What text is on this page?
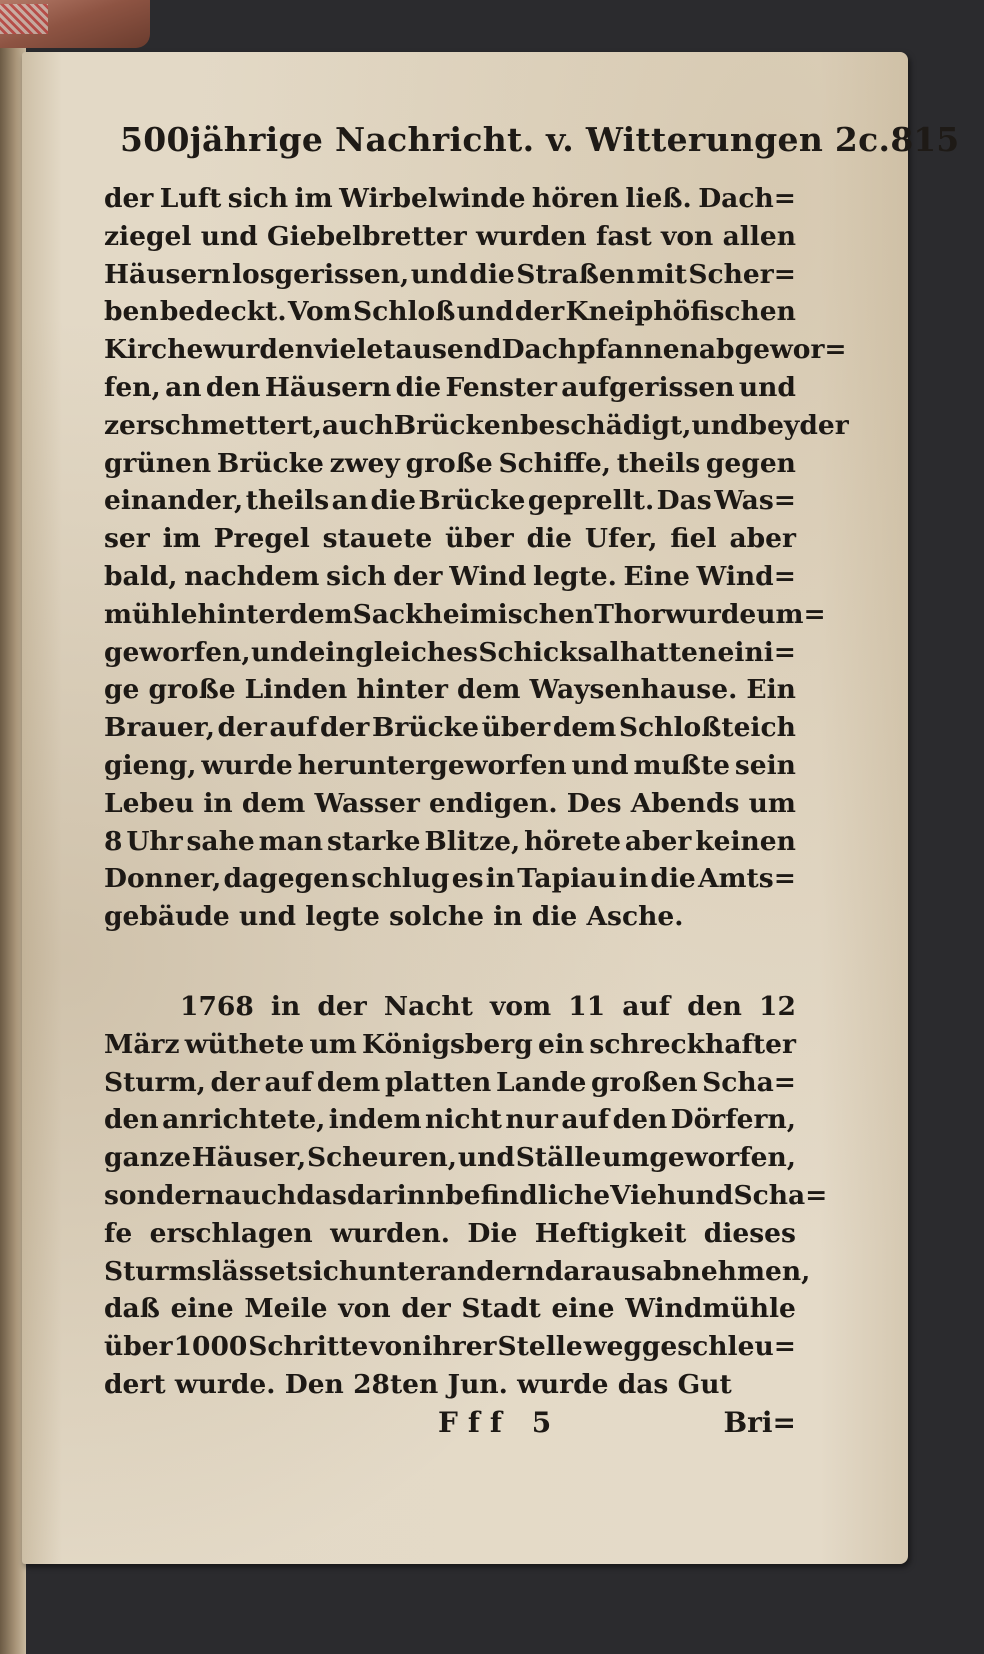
500jährige Nachricht. v. Witterungen 2c. 815
der Luft sich im Wirbelwinde hören ließ. Dach=
ziegel und Giebelbretter wurden fast von allen
Häusern losgerissen, und die Straßen mit Scher=
ben bedeckt. Vom Schloß und der Kneiphöfischen
Kirche wurden viele tausend Dachpfannen abgewor=
fen, an den Häusern die Fenster aufgerissen und
zerschmettert, auch Brücken beschädigt, und bey der
grünen Brücke zwey große Schiffe, theils gegen
einander, theils an die Brücke geprellt. Das Was=
ser im Pregel stauete über die Ufer, fiel aber
bald, nachdem sich der Wind legte. Eine Wind=
mühle hinter dem Sackheimischen Thor wurde um=
geworfen, und ein gleiches Schicksal hatten eini=
ge große Linden hinter dem Waysenhause. Ein
Brauer, der auf der Brücke über dem Schloßteich
gieng, wurde heruntergeworfen und mußte sein
Lebeu in dem Wasser endigen. Des Abends um
8 Uhr sahe man starke Blitze, hörete aber keinen
Donner, dagegen schlug es in Tapiau in die Amts=
gebäude und legte solche in die Asche.
1768 in der Nacht vom 11 auf den 12
März wüthete um Königsberg ein schreckhafter
Sturm, der auf dem platten Lande großen Scha=
den anrichtete, indem nicht nur auf den Dörfern,
ganze Häuser, Scheuren, und Ställe umgeworfen,
sondern auch das darinn befindliche Vieh und Scha=
fe erschlagen wurden. Die Heftigkeit dieses
Sturms lässet sich unter andern daraus abnehmen,
daß eine Meile von der Stadt eine Windmühle
über 1000 Schritte von ihrer Stelle weggeschleu=
dert wurde. Den 28ten Jun. wurde das Gut
Fff 5	Bri=
